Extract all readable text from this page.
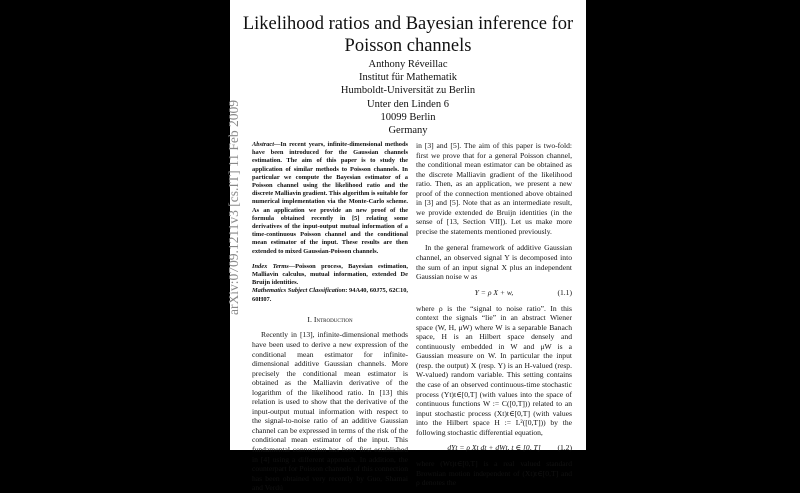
Likelihood ratios and Bayesian inference for
Poisson channels
Anthony Réveillac
Institut für Mathematik
Humboldt-Universität zu Berlin
Unter den Linden 6
10099 Berlin
Germany

Abstract—In recent years, infinite-dimensional methods have been introduced for the Gaussian channels estimation. The aim of this paper is to study the application of similar methods to Poisson channels. In particular we compute the Bayesian estimator of a Poisson channel using the likelihood ratio and the discrete Malliavin gradient. This algorithm is suitable for numerical implementation via the Monte-Carlo scheme. As an application we provide an new proof of the formula obtained recently in [5] relating some derivatives of the input-output mutual information of a time-continuous Poisson channel and the conditional mean estimator of the input. These results are then extended to mixed Gaussian-Poisson channels.

Index Terms—Poisson process, Bayesian estimation, Malliavin calculus, mutual information, extended De Bruijn identities.

Mathematics Subject Classification: 94A40, 60J75, 62C10, 60H07.

I. Introduction

Recently in [13], infinite-dimensional methods have been used to derive a new expression of the conditional mean estimator for infinite-dimensional additive Gaussian channels. More precisely the conditional mean estimator is obtained as the Malliavin derivative of the logarithm of the likelihood ratio. In [13] this relation is used to show that the derivative of the input-output mutual information with respect to the signal-to-noise ratio of an additive Gaussian channel can be expressed in terms of the risk of the conditional mean estimator of the input. This fundamental connection has been first established in [4] using a different approach. In addition, the counterpart for Poisson channels of this connection has been obtained very recently by Guo, Shamai and Verdú

in [3] and [5]. The aim of this paper is two-fold: first we prove that for a general Poisson channel, the conditional mean estimator can be obtained as the discrete Malliavin gradient of the likelihood ratio. Then, as an application, we present a new proof of the connection mentioned above obtained in [3] and [5]. Note that as an intermediate result, we provide extended de Bruijn identities (in the sense of [13, Section VII]). Let us make more precise the statements mentioned previously.

In the general framework of additive Gaussian channel, an observed signal Y is decomposed into the sum of an input signal X plus an independent Gaussian noise w as

Y = ρ X + w,	(1.1)

where ρ is the “signal to noise ratio”. In this context the signals “lie” in an abstract Wiener space (W, H, μW) where W is a separable Banach space, H is an Hilbert space densely and continuously embedded in W and μW is a Gaussian measure on W. In particular the input (resp. the output) X (resp. Y) is an H-valued (resp. W-valued) random variable. This setting contains the case of an observed continuous-time stochastic process (Yt)t∈[0,T] (with values into the space of continuous functions W := C([0,T])) related to an input stochastic process (Xt)t∈[0,T] (with values into the Hilbert space H := L²([0,T])) by the following stochastic differential equation,

dYt = ρ Xt dt + dWt, t ∈ [0, T]	(1.2)

where (Wt)t∈[0,T] is a real valued standard Brownian motion independent of (Xt)t∈[0,T] and ρ denotes the

arXiv:0709.1211v3 [cs.IT] 11 Feb 2009
